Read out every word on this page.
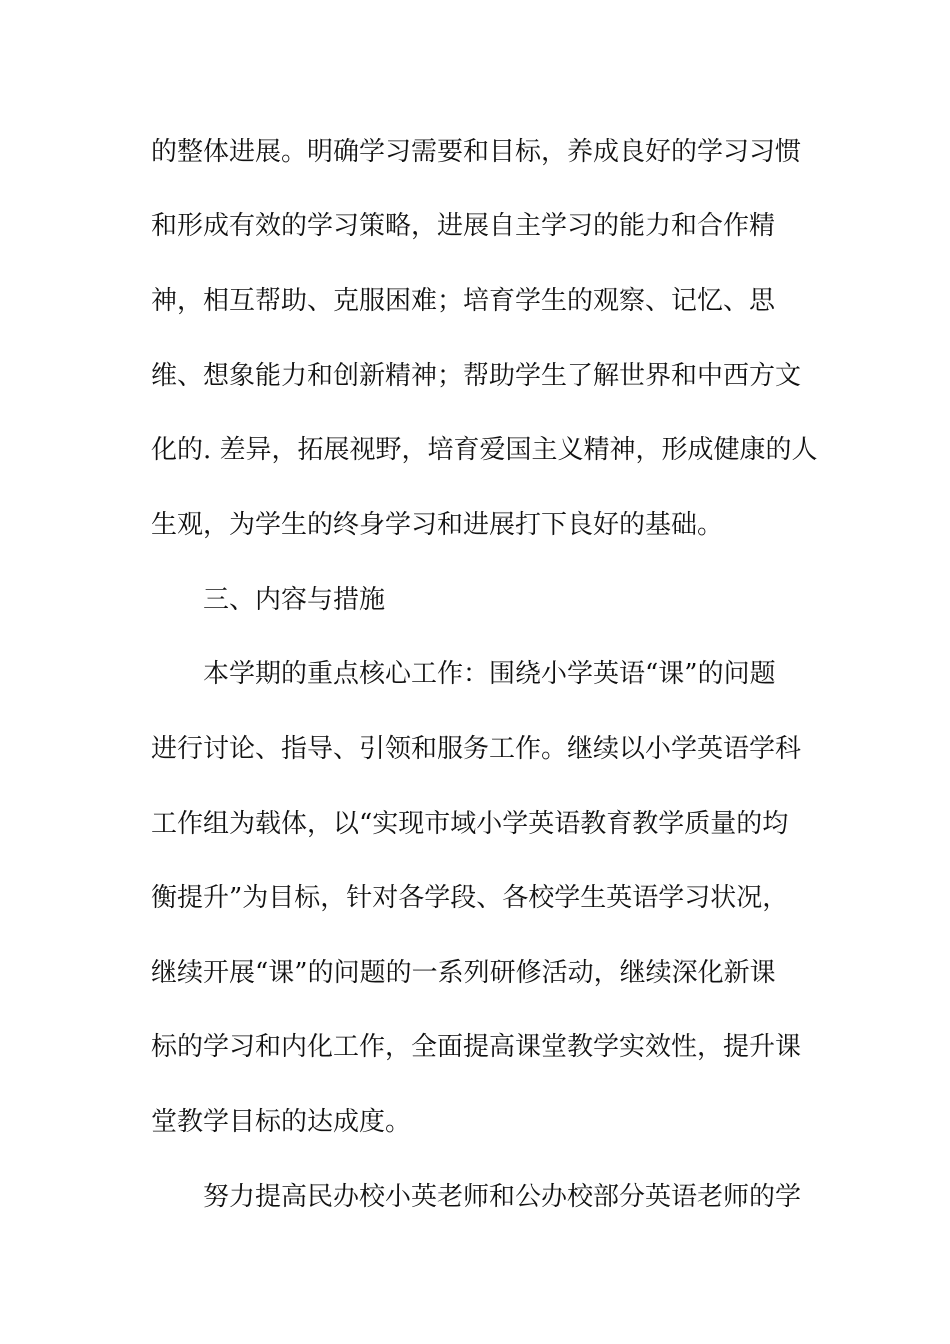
的整体进展。明确学习需要和目标，养成良好的学习习惯
和形成有效的学习策略，进展自主学习的能力和合作精
神，相互帮助、克服困难；培育学生的观察、记忆、思
维、想象能力和创新精神；帮助学生了解世界和中西方文
化的. 差异，拓展视野，培育爱国主义精神，形成健康的人
生观，为学生的终身学习和进展打下良好的基础。
三、内容与措施
本学期的重点核心工作：围绕小学英语“课”的问题
进行讨论、指导、引领和服务工作。继续以小学英语学科
工作组为载体，以“实现市域小学英语教育教学质量的均
衡提升”为目标，针对各学段、各校学生英语学习状况，
继续开展“课”的问题的一系列研修活动，继续深化新课
标的学习和内化工作，全面提高课堂教学实效性，提升课
堂教学目标的达成度。
努力提高民办校小英老师和公办校部分英语老师的学
